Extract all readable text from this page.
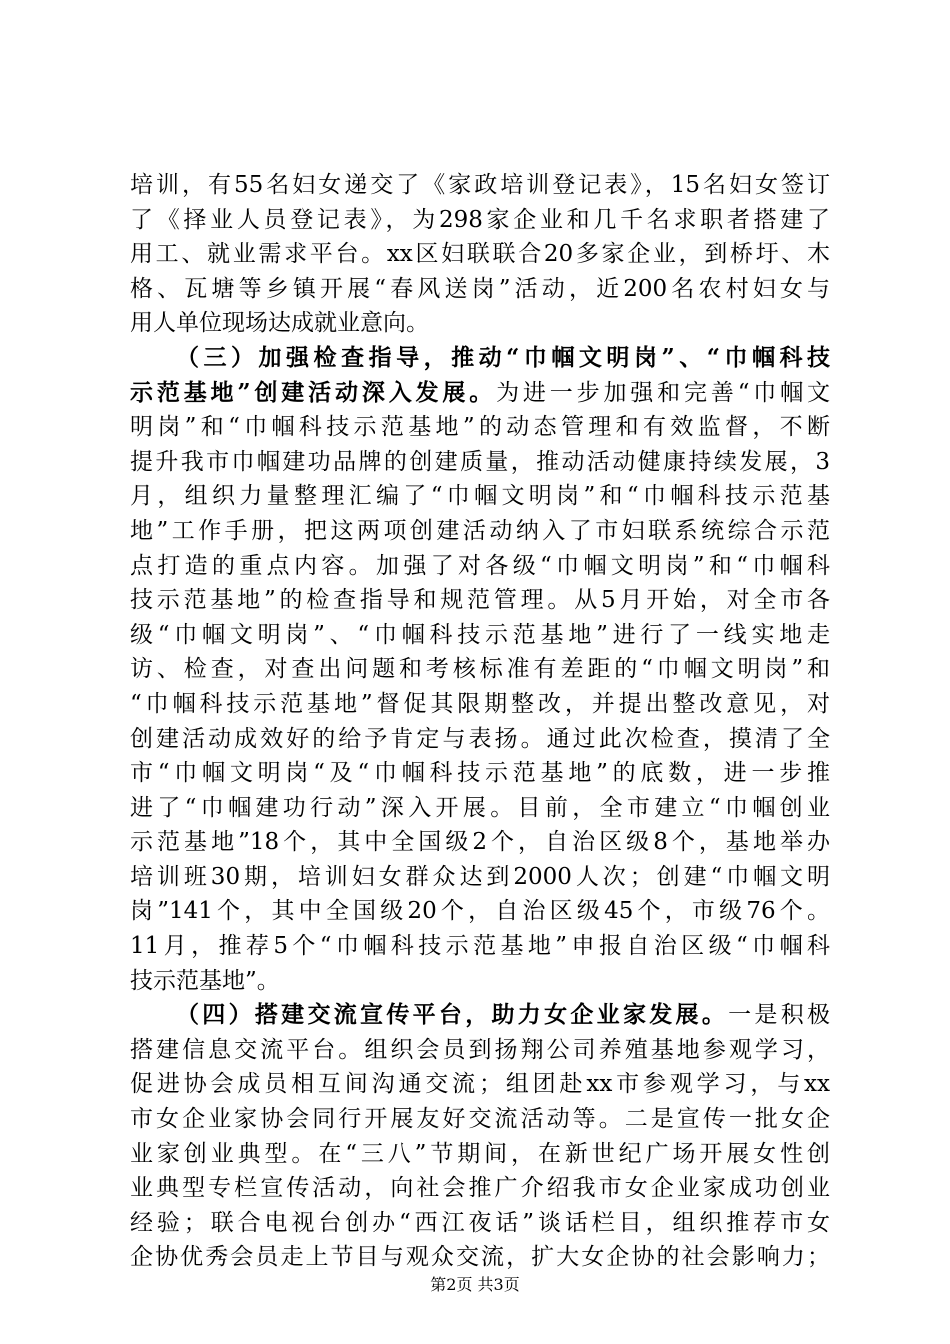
培训，有55名妇女递交了《家政培训登记表》，15名妇女签订
了《择业人员登记表》，为298家企业和几千名求职者搭建了
用工、就业需求平台。xx区妇联联合20多家企业，到桥圩、木
格、瓦塘等乡镇开展“春风送岗”活动，近200名农村妇女与
用人单位现场达成就业意向。
（三）加强检查指导，推动“巾帼文明岗”、“巾帼科技
示范基地”创建活动深入发展。为进一步加强和完善“巾帼文
明岗”和“巾帼科技示范基地”的动态管理和有效监督，不断
提升我市巾帼建功品牌的创建质量，推动活动健康持续发展，3
月，组织力量整理汇编了“巾帼文明岗”和“巾帼科技示范基
地”工作手册，把这两项创建活动纳入了市妇联系统综合示范
点打造的重点内容。加强了对各级“巾帼文明岗”和“巾帼科
技示范基地”的检查指导和规范管理。从5月开始，对全市各
级“巾帼文明岗”、“巾帼科技示范基地”进行了一线实地走
访、检查，对查出问题和考核标准有差距的“巾帼文明岗”和
“巾帼科技示范基地”督促其限期整改，并提出整改意见，对
创建活动成效好的给予肯定与表扬。通过此次检查，摸清了全
市“巾帼文明岗“及“巾帼科技示范基地”的底数，进一步推
进了“巾帼建功行动”深入开展。目前，全市建立“巾帼创业
示范基地”18个，其中全国级2个，自治区级8个，基地举办
培训班30期，培训妇女群众达到2000人次；创建“巾帼文明
岗”141个，其中全国级20个，自治区级45个，市级76个。
11月，推荐5个“巾帼科技示范基地”申报自治区级“巾帼科
技示范基地”。
（四）搭建交流宣传平台，助力女企业家发展。一是积极
搭建信息交流平台。组织会员到扬翔公司养殖基地参观学习，
促进协会成员相互间沟通交流；组团赴xx市参观学习，与xx
市女企业家协会同行开展友好交流活动等。二是宣传一批女企
业家创业典型。在“三八”节期间，在新世纪广场开展女性创
业典型专栏宣传活动，向社会推广介绍我市女企业家成功创业
经验；联合电视台创办“西江夜话”谈话栏目，组织推荐市女
企协优秀会员走上节目与观众交流，扩大女企协的社会影响力；
第2页 共3页
